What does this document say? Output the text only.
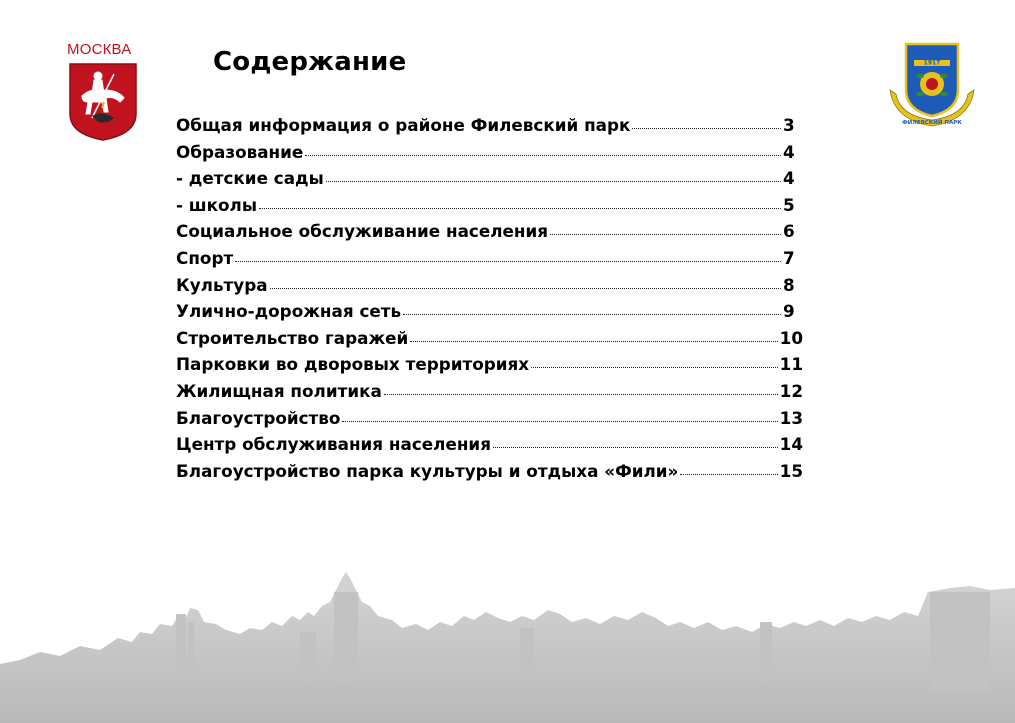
МОСКВА
1917
ФИЛЕВСКИЙ ПАРК
Содержание
Общая информация о районе Филевский парк	3
Образование	4
- детские сады	4
- школы	5
Социальное обслуживание населения	6
Спорт	7
Культура	8
Улично-дорожная сеть	9
Строительство гаражей	10
Парковки во дворовых территориях	11
Жилищная политика	12
Благоустройство	13
Центр обслуживания населения	14
Благоустройство парка культуры и отдыха «Фили»	15
